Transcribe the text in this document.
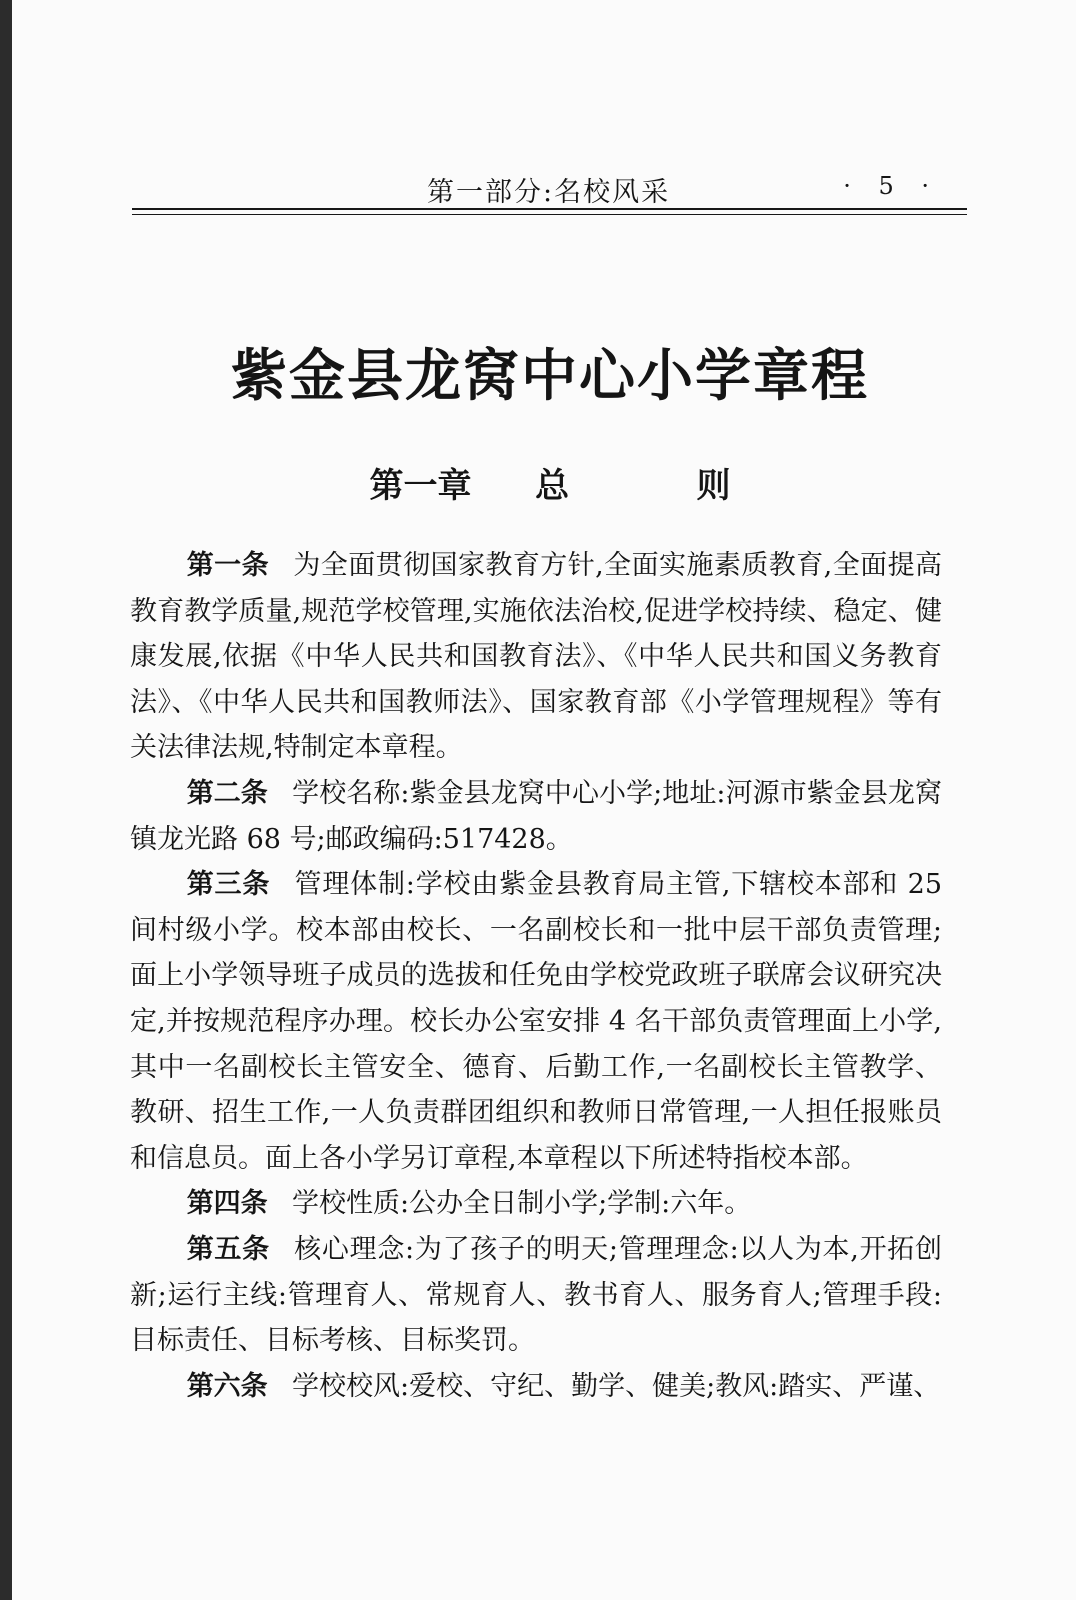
第一部分:名校风采	· 5 ·
紫金县龙窝中心小学章程
第一章  总    则

第一条 为全面贯彻国家教育方针,全面实施素质教育,全面提高教育教学质量,规范学校管理,实施依法治校,促进学校持续、稳定、健康发展,依据《中华人民共和国教育法》、《中华人民共和国义务教育法》、《中华人民共和国教师法》、国家教育部《小学管理规程》等有关法律法规,特制定本章程。

第二条 学校名称:紫金县龙窝中心小学;地址:河源市紫金县龙窝镇龙光路 68 号;邮政编码:517428。

第三条 管理体制:学校由紫金县教育局主管,下辖校本部和 25 间村级小学。校本部由校长、一名副校长和一批中层干部负责管理;面上小学领导班子成员的选拔和任免由学校党政班子联席会议研究决定,并按规范程序办理。校长办公室安排 4 名干部负责管理面上小学,其中一名副校长主管安全、德育、后勤工作,一名副校长主管教学、教研、招生工作,一人负责群团组织和教师日常管理,一人担任报账员和信息员。面上各小学另订章程,本章程以下所述特指校本部。

第四条 学校性质:公办全日制小学;学制:六年。

第五条 核心理念:为了孩子的明天;管理理念:以人为本,开拓创新;运行主线:管理育人、常规育人、教书育人、服务育人;管理手段:目标责任、目标考核、目标奖罚。

第六条 学校校风:爱校、守纪、勤学、健美;教风:踏实、严谨、
